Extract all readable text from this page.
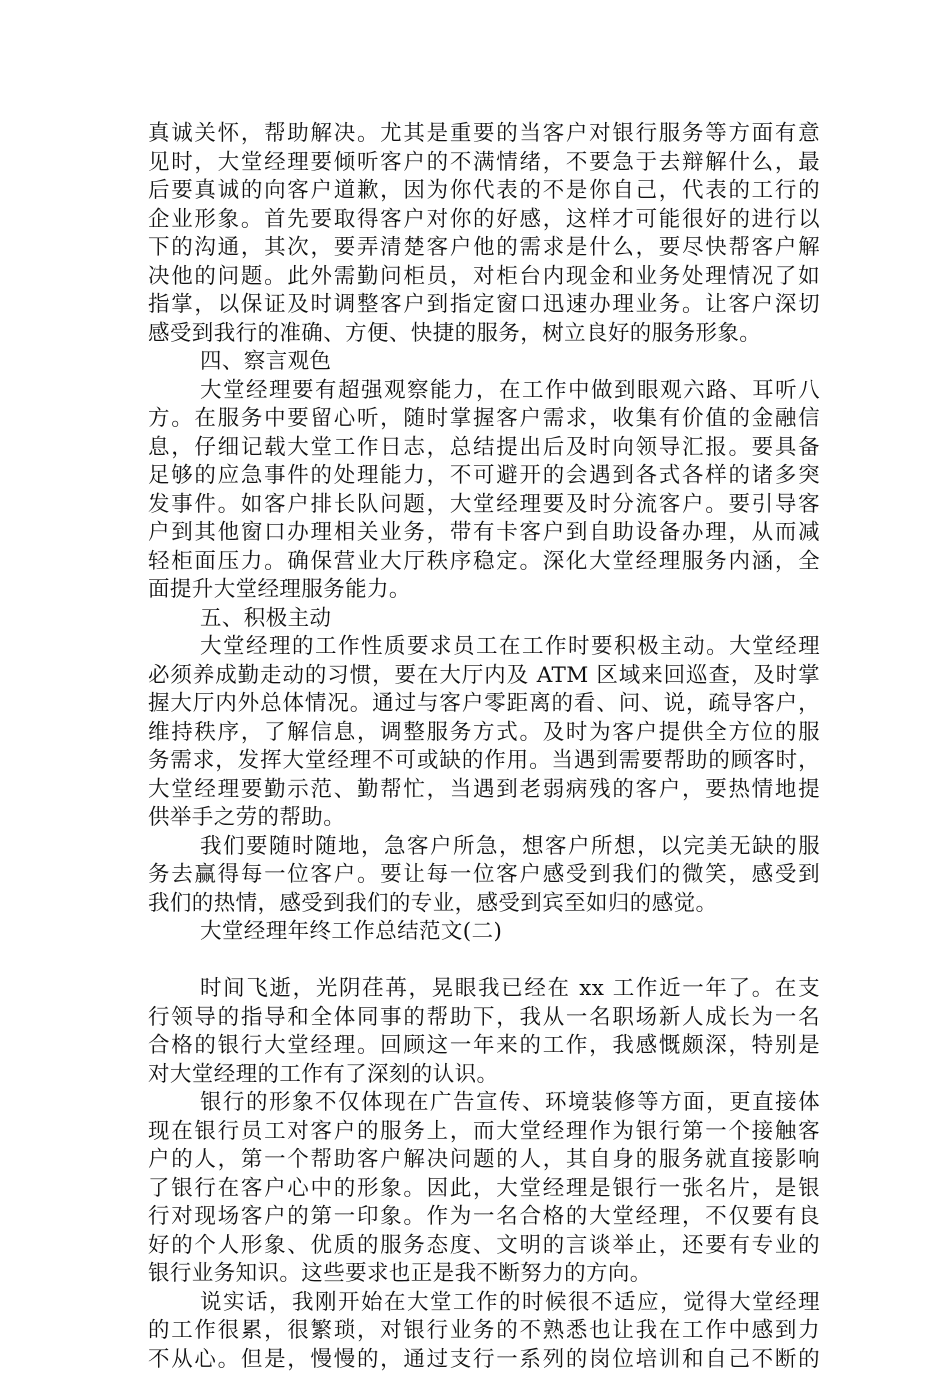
真诚关怀，帮助解决。尤其是重要的当客户对银行服务等方面有意
见时，大堂经理要倾听客户的不满情绪，不要急于去辩解什么，最
后要真诚的向客户道歉，因为你代表的不是你自己，代表的工行的
企业形象。首先要取得客户对你的好感，这样才可能很好的进行以
下的沟通，其次，要弄清楚客户他的需求是什么，要尽快帮客户解
决他的问题。此外需勤问柜员，对柜台内现金和业务处理情况了如
指掌，以保证及时调整客户到指定窗口迅速办理业务。让客户深切
感受到我行的准确、方便、快捷的服务，树立良好的服务形象。
四、察言观色
大堂经理要有超强观察能力，在工作中做到眼观六路、耳听八
方。在服务中要留心听，随时掌握客户需求，收集有价值的金融信
息，仔细记载大堂工作日志，总结提出后及时向领导汇报。要具备
足够的应急事件的处理能力，不可避开的会遇到各式各样的诸多突
发事件。如客户排长队问题，大堂经理要及时分流客户。要引导客
户到其他窗口办理相关业务，带有卡客户到自助设备办理，从而减
轻柜面压力。确保营业大厅秩序稳定。深化大堂经理服务内涵，全
面提升大堂经理服务能力。
五、积极主动
大堂经理的工作性质要求员工在工作时要积极主动。大堂经理
必须养成勤走动的习惯，要在大厅内及 ATM 区域来回巡查，及时掌
握大厅内外总体情况。通过与客户零距离的看、问、说，疏导客户，
维持秩序，了解信息，调整服务方式。及时为客户提供全方位的服
务需求，发挥大堂经理不可或缺的作用。当遇到需要帮助的顾客时，
大堂经理要勤示范、勤帮忙，当遇到老弱病残的客户，要热情地提
供举手之劳的帮助。
我们要随时随地，急客户所急，想客户所想，以完美无缺的服
务去赢得每一位客户。要让每一位客户感受到我们的微笑，感受到
我们的热情，感受到我们的专业，感受到宾至如归的感觉。
大堂经理年终工作总结范文(二)
时间飞逝，光阴荏苒，晃眼我已经在 xx 工作近一年了。在支
行领导的指导和全体同事的帮助下，我从一名职场新人成长为一名
合格的银行大堂经理。回顾这一年来的工作，我感慨颇深，特别是
对大堂经理的工作有了深刻的认识。
银行的形象不仅体现在广告宣传、环境装修等方面，更直接体
现在银行员工对客户的服务上，而大堂经理作为银行第一个接触客
户的人，第一个帮助客户解决问题的人，其自身的服务就直接影响
了银行在客户心中的形象。因此，大堂经理是银行一张名片，是银
行对现场客户的第一印象。作为一名合格的大堂经理，不仅要有良
好的个人形象、优质的服务态度、文明的言谈举止，还要有专业的
银行业务知识。这些要求也正是我不断努力的方向。
说实话，我刚开始在大堂工作的时候很不适应，觉得大堂经理
的工作很累，很繁琐，对银行业务的不熟悉也让我在工作中感到力
不从心。但是，慢慢的，通过支行一系列的岗位培训和自己不断的
